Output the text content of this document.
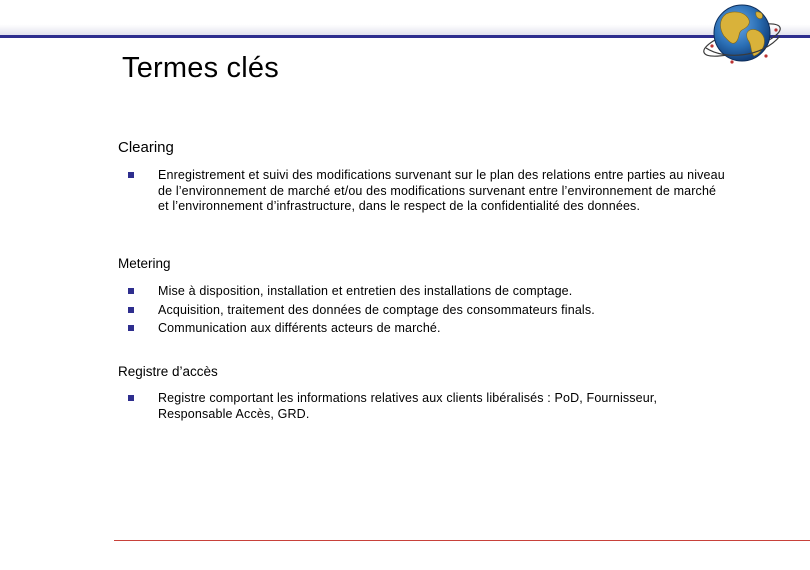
Termes clés

Clearing

Enregistrement et suivi des modifications survenant sur le plan des relations entre parties au niveau de l’environnement de marché et/ou des modifications survenant entre l’environnement de marché et l’environnement d’infrastructure, dans le respect de la confidentialité des données.

Metering

Mise à disposition, installation et entretien des installations de comptage.
Acquisition, traitement des données de comptage des consommateurs finals.
Communication aux différents acteurs de marché.

Registre d’accès

Registre comportant les informations relatives aux clients libéralisés : PoD, Fournisseur, Responsable Accès, GRD.
